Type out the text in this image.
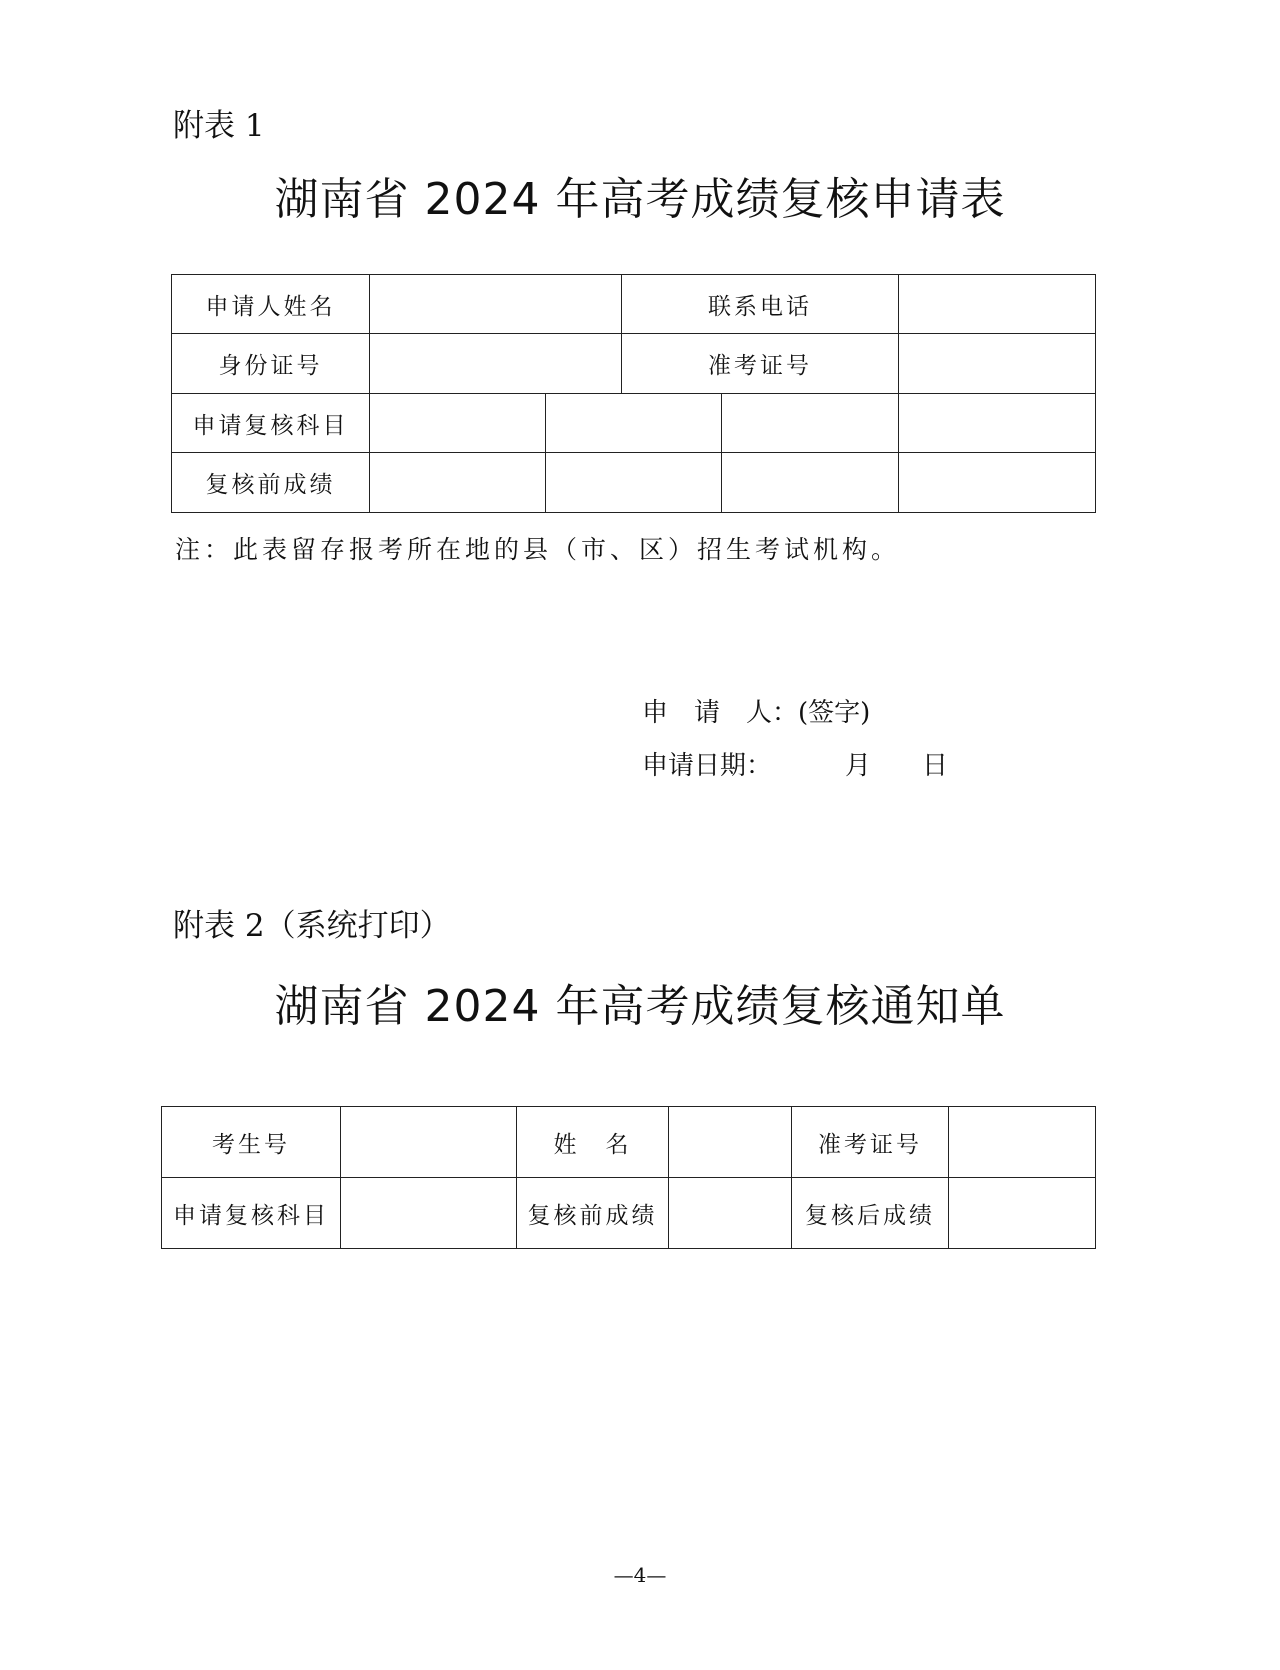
附表 1
湖南省 2024 年高考成绩复核申请表
申请人姓名			联系电话		
身份证号			准考证号		
申请复核科目					
复核前成绩					
注：此表留存报考所在地的县（市、区）招生考试机构。
申　请　人：(签字)
申请日期：	月 日
附表 2（系统打印）
湖南省 2024 年高考成绩复核通知单
考生号		姓　名		准考证号	
申请复核科目		复核前成绩		复核后成绩	
—4—
